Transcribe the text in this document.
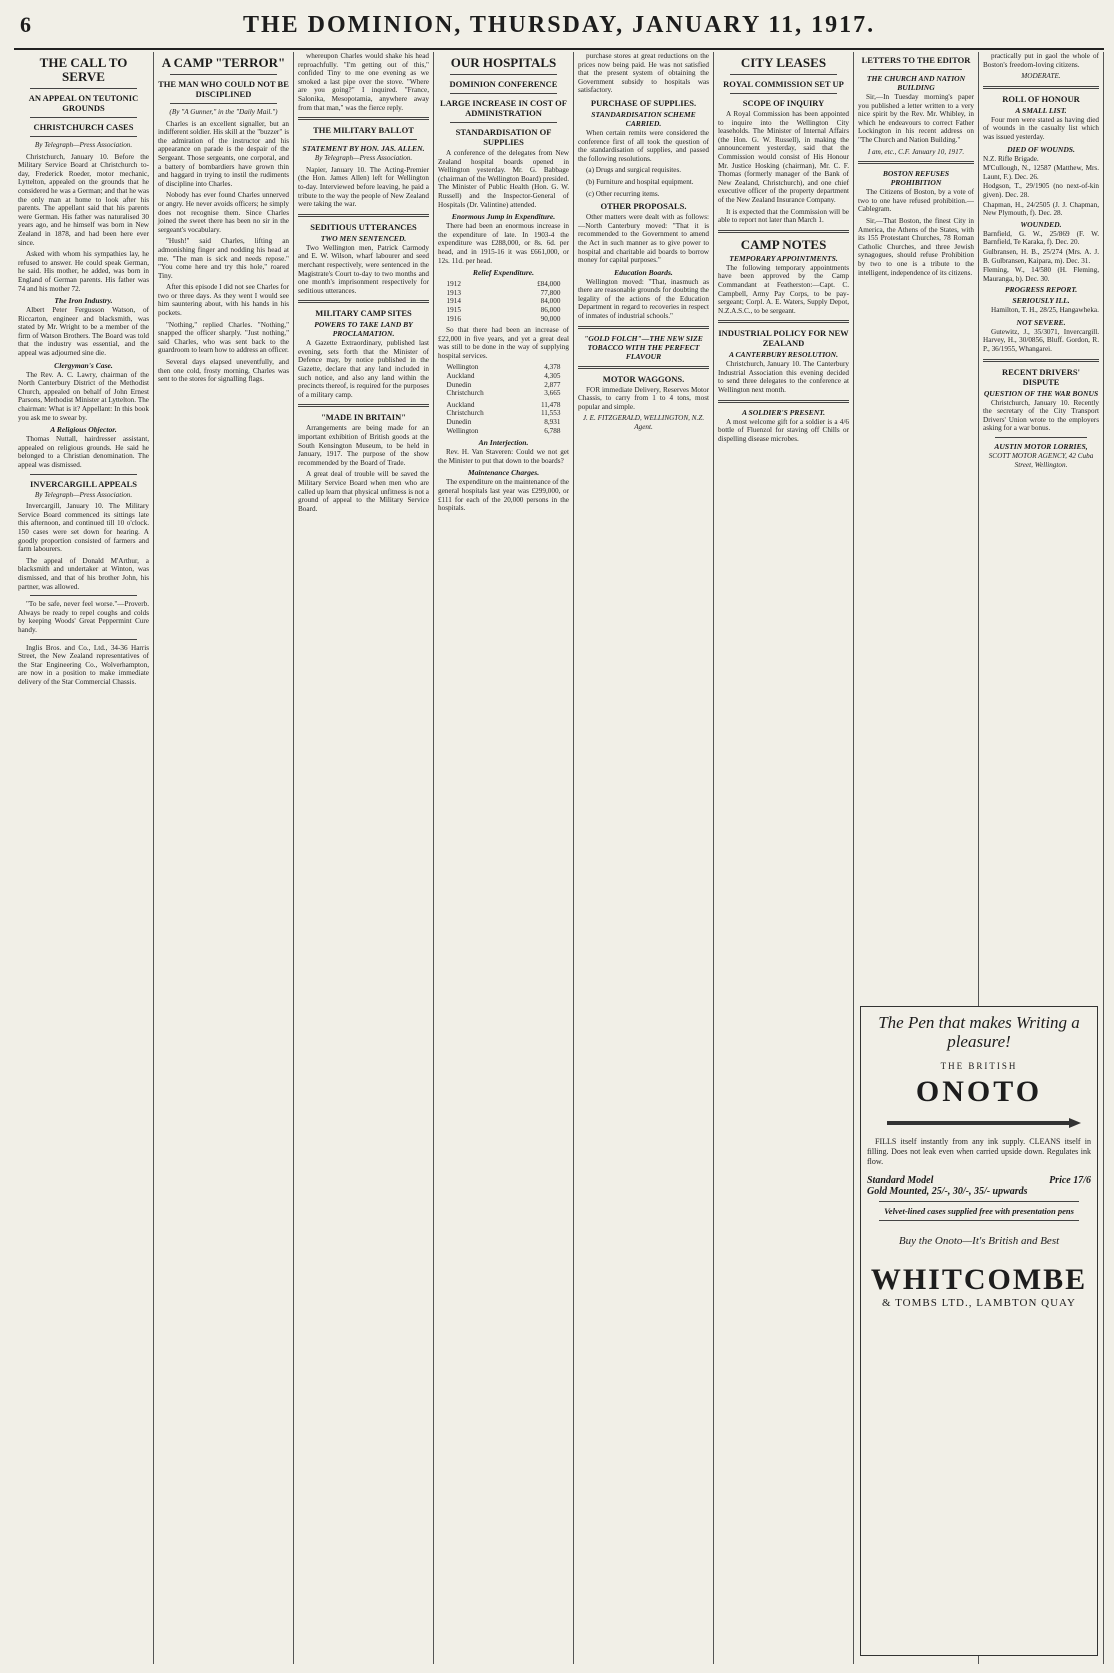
6	THE DOMINION, THURSDAY, JANUARY 11, 1917.
THE CALL TO SERVE
AN APPEAL ON TEUTONIC GROUNDS
CHRISTCHURCH CASES

By Telegraph—Press Association.

Christchurch, January 10. Before the Military Service Board at Christchurch to-day, Frederick Roeder, motor mechanic, Lyttelton, appealed on the grounds that he considered he was a German; and that he was the only man at home to look after his parents. The appellant said that his parents were German. His father was naturalised 30 years ago, and he himself was born in New Zealand in 1878, and had been here ever since.

Asked with whom his sympathies lay, he refused to answer. He could speak German, he said. His mother, he added, was born in England of German parents. His father was 74 and his mother 72.

The Iron Industry.

Albert Peter Fergusson Watson, of Riccarton, engineer and blacksmith, was stated by Mr. Wright to be a member of the firm of Watson Brothers. The Board was told that the industry was essential, and the appeal was adjourned sine die.

Clergyman's Case.

The Rev. A. C. Lawry, chairman of the North Canterbury District of the Methodist Church, appealed on behalf of John Ernest Parsons, Methodist Minister at Lyttelton. The chairman: What is it? Appellant: In this book you ask me to swear by.

A Religious Objector.

Thomas Nuttall, hairdresser assistant, appealed on religious grounds. He said he belonged to a Christian denomination. The appeal was dismissed.

INVERCARGILL APPEALS

By Telegraph—Press Association.

Invercargill, January 10. The Military Service Board commenced its sittings late this afternoon, and continued till 10 o'clock. 150 cases were set down for hearing. A goodly proportion consisted of farmers and farm labourers.

The appeal of Donald M'Arthur, a blacksmith and undertaker at Winton, was dismissed, and that of his brother John, his partner, was allowed.

"To be safe, never feel worse."—Proverb. Always be ready to repel coughs and colds by keeping Woods' Great Peppermint Cure handy.

Inglis Bros. and Co., Ltd., 34-36 Harris Street, the New Zealand representatives of the Star Engineering Co., Wolverhampton, are now in a position to make immediate delivery of the Star Commercial Chassis.

A CAMP "TERROR"
THE MAN WHO COULD NOT BE DISCIPLINED

(By "A Gunner," in the "Daily Mail.")

Charles is an excellent signaller, but an indifferent soldier. His skill at the "buzzer" is the admiration of the instructor and his appearance on parade is the despair of the Sergeant. Those sergeants, one corporal, and a battery of bombardiers have grown thin and haggard in trying to instil the rudiments of discipline into Charles.

Nobody has ever found Charles unnerved or angry. He never avoids officers; he simply does not recognise them. Since Charles joined the sweet there has been no sir in the sergeant's vocabulary.

"Hush!" said Charles, lifting an admonishing finger and nodding his head at me. "The man is sick and needs repose." "You come here and try this hole," roared Tiny.

After this episode I did not see Charles for two or three days. As they went I would see him sauntering about, with his hands in his pockets.

"Nothing," replied Charles. "Nothing," snapped the officer sharply. "Just nothing," said Charles, who was sent back to the guardroom to learn how to address an officer.

Several days elapsed uneventfully, and then one cold, frosty morning, Charles was sent to the stores for signalling flags.

whereupon Charles would shake his head reproachfully. "I'm getting out of this," confided Tiny to me one evening as we smoked a last pipe over the stove. "Where are you going?" I inquired. "France, Salonika, Mesopotamia, anywhere away from that man," was the fierce reply.

THE MILITARY BALLOT
STATEMENT BY HON. JAS. ALLEN.

By Telegraph—Press Association.

Napier, January 10. The Acting-Premier (the Hon. James Allen) left for Wellington to-day. Interviewed before leaving, he paid a tribute to the way the people of New Zealand were taking the war.

SEDITIOUS UTTERANCES
TWO MEN SENTENCED.

Two Wellington men, Patrick Carmody and E. W. Wilson, wharf labourer and seed merchant respectively, were sentenced in the Magistrate's Court to-day to two months and one month's imprisonment respectively for seditious utterances.

MILITARY CAMP SITES
POWERS TO TAKE LAND BY PROCLAMATION.

A Gazette Extraordinary, published last evening, sets forth that the Minister of Defence may, by notice published in the Gazette, declare that any land included in such notice, and also any land within the precincts thereof, is required for the purposes of a military camp.

"MADE IN BRITAIN"

Arrangements are being made for an important exhibition of British goods at the South Kensington Museum, to be held in January, 1917. The purpose of the show recommended by the Board of Trade.

A great deal of trouble will be saved the Military Service Board when men who are called up learn that physical unfitness is not a ground of appeal to the Military Service Board.

OUR HOSPITALS
DOMINION CONFERENCE
LARGE INCREASE IN COST OF ADMINISTRATION
STANDARDISATION OF SUPPLIES

A conference of the delegates from New Zealand hospital boards opened in Wellington yesterday. Mr. G. Babbage (chairman of the Wellington Board) presided. The Minister of Public Health (Hon. G. W. Russell) and the Inspector-General of Hospitals (Dr. Valintine) attended.

Enormous Jump in Expenditure.

There had been an enormous increase in the expenditure of late. In 1903-4 the expenditure was £288,000, or 8s. 6d. per head, and in 1915-16 it was £661,000, or 12s. 11d. per head.

Relief Expenditure.
1912	£84,000
1913	77,800
1914	84,000
1915	86,000
1916	90,000

So that there had been an increase of £22,000 in five years, and yet a great deal was still to be done in the way of supplying hospital services.

Wellington	4,378
Auckland	4,305
Dunedin	2,877
Christchurch	3,665
Auckland	11,478
Christchurch	11,553
Dunedin	8,931
Wellington	6,788
An Interjection.

Rev. H. Van Staveren: Could we not get the Minister to put that down to the boards?

Maintenance Charges.

The expenditure on the maintenance of the general hospitals last year was £299,000, or £111 for each of the 20,000 persons in the hospitals.

purchase stores at great reductions on the prices now being paid. He was not satisfied that the present system of obtaining the Government subsidy to hospitals was satisfactory.

PURCHASE OF SUPPLIES.
STANDARDISATION SCHEME CARRIED.

When certain remits were considered the conference first of all took the question of the standardisation of supplies, and passed the following resolutions.

(a) Drugs and surgical requisites.

(b) Furniture and hospital equipment.

(c) Other recurring items.

OTHER PROPOSALS.

Other matters were dealt with as follows:—North Canterbury moved: "That it is recommended to the Government to amend the Act in such manner as to give power to hospital and charitable aid boards to borrow money for capital purposes."

Education Boards.

Wellington moved: "That, inasmuch as there are reasonable grounds for doubting the legality of the actions of the Education Department in regard to recoveries in respect of inmates of industrial schools."

"GOLD FOLCH"—THE NEW SIZE TOBACCO WITH THE PERFECT FLAVOUR
MOTOR WAGGONS.

FOR immediate Delivery, Reserves Motor Chassis, to carry from 1 to 4 tons, most popular and simple.

J. E. FITZGERALD, WELLINGTON, N.Z. Agent.

CITY LEASES
ROYAL COMMISSION SET UP
SCOPE OF INQUIRY

A Royal Commission has been appointed to inquire into the Wellington City leaseholds. The Minister of Internal Affairs (the Hon. G. W. Russell), in making the announcement yesterday, said that the Commission would consist of His Honour Mr. Justice Hosking (chairman), Mr. C. F. Thomas (formerly manager of the Bank of New Zealand, Christchurch), and one chief executive officer of the property department of the New Zealand Insurance Company.

It is expected that the Commission will be able to report not later than March 1.

CAMP NOTES
TEMPORARY APPOINTMENTS.

The following temporary appointments have been approved by the Camp Commandant at Featherston:—Capt. C. Campbell, Army Pay Corps, to be pay-sergeant; Corpl. A. E. Waters, Supply Depot, N.Z.A.S.C., to be sergeant.

INDUSTRIAL POLICY FOR NEW ZEALAND
A CANTERBURY RESOLUTION.

Christchurch, January 10. The Canterbury Industrial Association this evening decided to send three delegates to the conference at Wellington next month.

A SOLDIER'S PRESENT.

A most welcome gift for a soldier is a 4/6 bottle of Fluenzol for staving off Chills or dispelling disease microbes.

LETTERS TO THE EDITOR
THE CHURCH AND NATION BUILDING

Sir,—In Tuesday morning's paper you published a letter written to a very nice spirit by the Rev. Mr. Whibley, in which he endeavours to correct Father Lockington in his recent address on "The Church and Nation Building."

I am, etc., C.F. January 10, 1917.

BOSTON REFUSES PROHIBITION

The Citizens of Boston, by a vote of two to one have refused prohibition.—Cablegram.

Sir,—That Boston, the finest City in America, the Athens of the States, with its 155 Protestant Churches, 78 Roman Catholic Churches, and three Jewish synagogues, should refuse Prohibition by two to one is a tribute to the intelligent, independence of its citizens.

practically put in gaol the whole of Boston's freedom-loving citizens.

MODERATE.

ROLL OF HONOUR
A SMALL LIST.

Four men were stated as having died of wounds in the casualty list which was issued yesterday.

DIED OF WOUNDS.

N.Z. Rifle Brigade.

M'Cullough, N., 12587 (Matthew, Mrs. Launt, F.). Dec. 26.

Hodgson, T., 29/1905 (no next-of-kin given). Dec. 28.

Chapman, H., 24/2505 (J. J. Chapman, New Plymouth, f). Dec. 28.

WOUNDED.

Barnfield, G. W., 25/869 (F. W. Barnfield, Te Karaka, f). Dec. 20.

Gulbransen, H. B., 25/274 (Mrs. A. J. B. Gulbransen, Kaipara, m). Dec. 31.

Fleming, W., 14/580 (H. Fleming, Mauranga, b). Dec. 30.

PROGRESS REPORT.
SERIOUSLY ILL.

Hamilton, T. H., 28/25, Hangawheka.

NOT SEVERE.

Gutewitz, J., 35/3071, Invercargill. Harvey, H., 30/0856, Bluff. Gordon, R. P., 36/1955, Whangarei.

RECENT DRIVERS' DISPUTE
QUESTION OF THE WAR BONUS

Christchurch, January 10. Recently the secretary of the City Transport Drivers' Union wrote to the employers asking for a war bonus.

AUSTIN MOTOR LORRIES,

SCOTT MOTOR AGENCY, 42 Cuba Street, Wellington.

The Pen that makes Writing a pleasure!
THE BRITISH
ONOTO

FILLS itself instantly from any ink supply. CLEANS itself in filling. Does not leak even when carried upside down. Regulates ink flow.

Standard Model	Price 17/6
Gold Mounted, 25/-, 30/-, 35/- upwards
Velvet-lined cases supplied free with presentation pens
Buy the Onoto—It's British and Best
WHITCOMBE
& TOMBS LTD., LAMBTON QUAY
